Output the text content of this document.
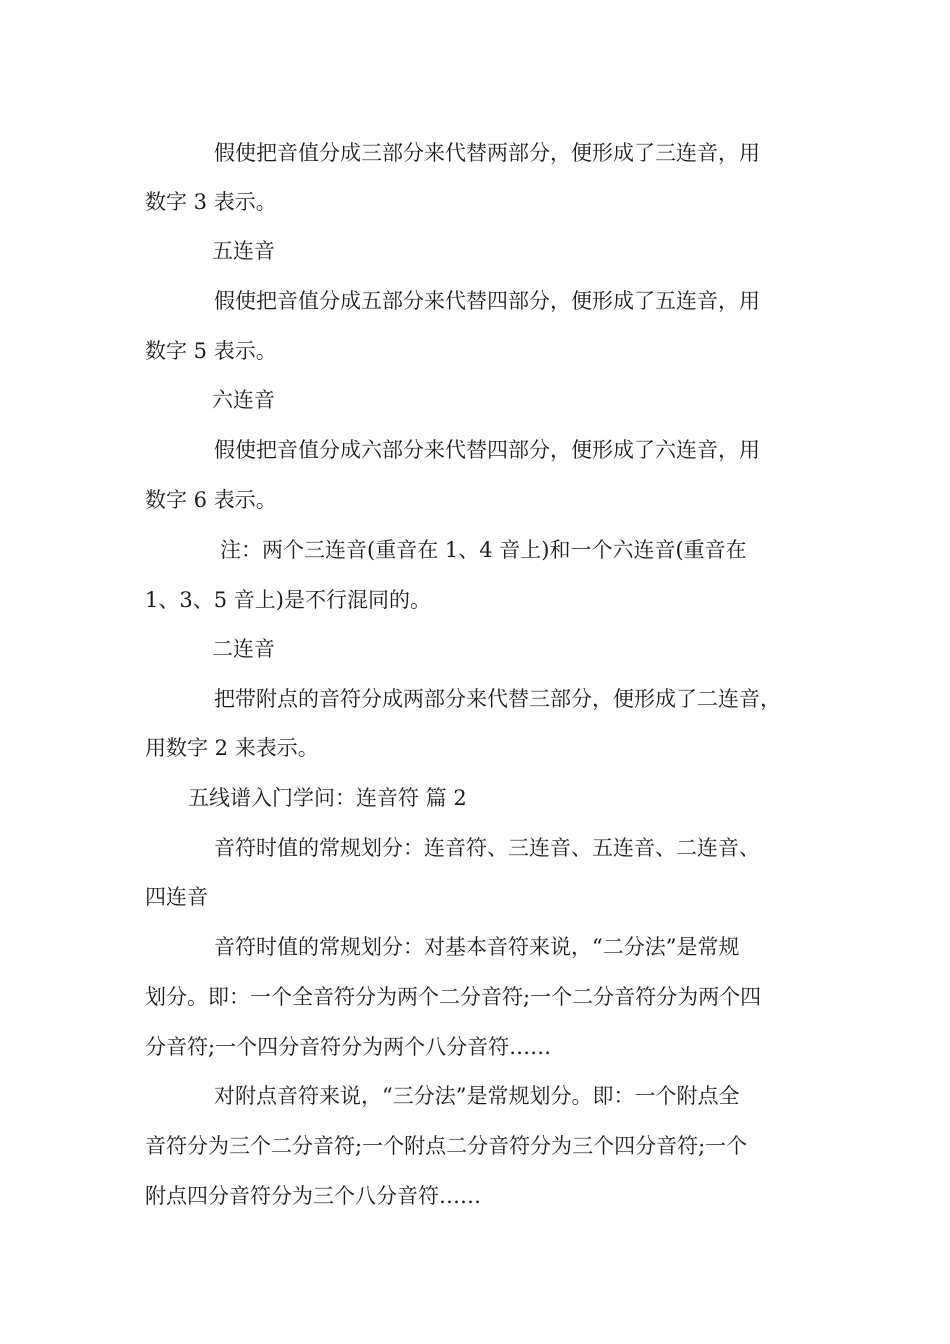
假使把音值分成三部分来代替两部分，便形成了三连音，用
数字 3 表示。
五连音
假使把音值分成五部分来代替四部分，便形成了五连音，用
数字 5 表示。
六连音
假使把音值分成六部分来代替四部分，便形成了六连音，用
数字 6 表示。
注：两个三连音(重音在 1、4 音上)和一个六连音(重音在
1、3、5 音上)是不行混同的。
二连音
把带附点的音符分成两部分来代替三部分，便形成了二连音，
用数字 2 来表示。
五线谱入门学问：连音符 篇 2
音符时值的常规划分：连音符、三连音、五连音、二连音、
四连音
音符时值的常规划分：对基本音符来说，“二分法”是常规
划分。即：一个全音符分为两个二分音符;一个二分音符分为两个四
分音符;一个四分音符分为两个八分音符……
对附点音符来说，“三分法”是常规划分。即：一个附点全
音符分为三个二分音符;一个附点二分音符分为三个四分音符;一个
附点四分音符分为三个八分音符……
